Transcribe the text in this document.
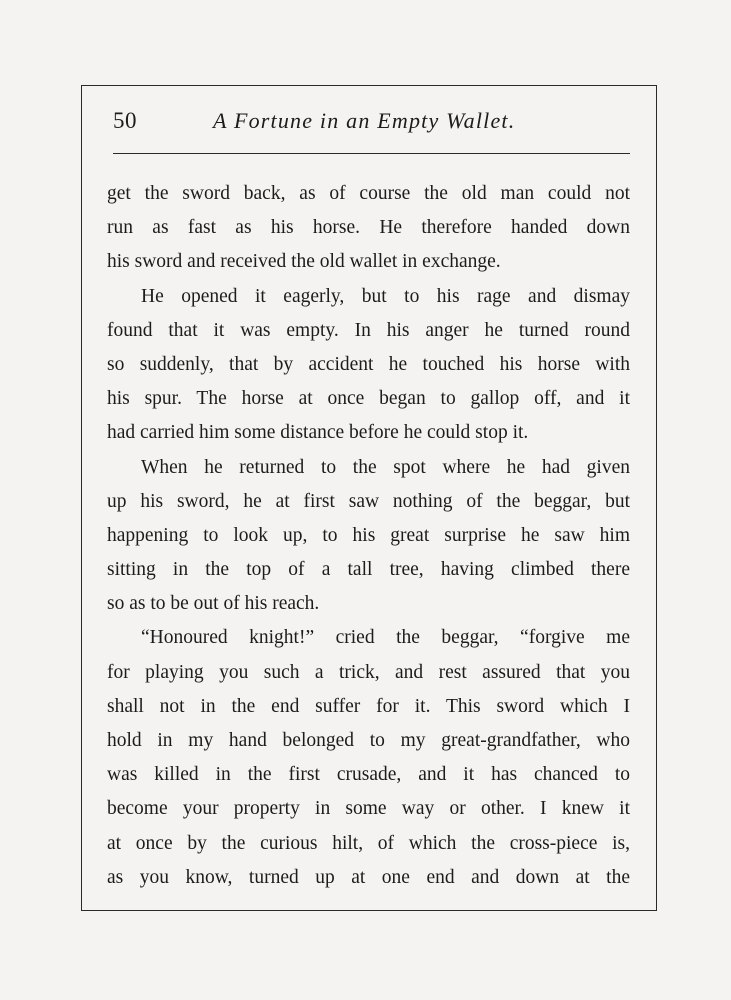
50	A Fortune in an Empty Wallet.
get the sword back, as of course the old man could not
run as fast as his horse. He therefore handed down
his sword and received the old wallet in exchange.
He opened it eagerly, but to his rage and dismay
found that it was empty. In his anger he turned round
so suddenly, that by accident he touched his horse with
his spur. The horse at once began to gallop off, and it
had carried him some distance before he could stop it.
When he returned to the spot where he had given
up his sword, he at first saw nothing of the beggar, but
happening to look up, to his great surprise he saw him
sitting in the top of a tall tree, having climbed there
so as to be out of his reach.
“Honoured knight!” cried the beggar, “forgive me
for playing you such a trick, and rest assured that you
shall not in the end suffer for it. This sword which I
hold in my hand belonged to my great-grandfather, who
was killed in the first crusade, and it has chanced to
become your property in some way or other. I knew it
at once by the curious hilt, of which the cross-piece is,
as you know, turned up at one end and down at the
